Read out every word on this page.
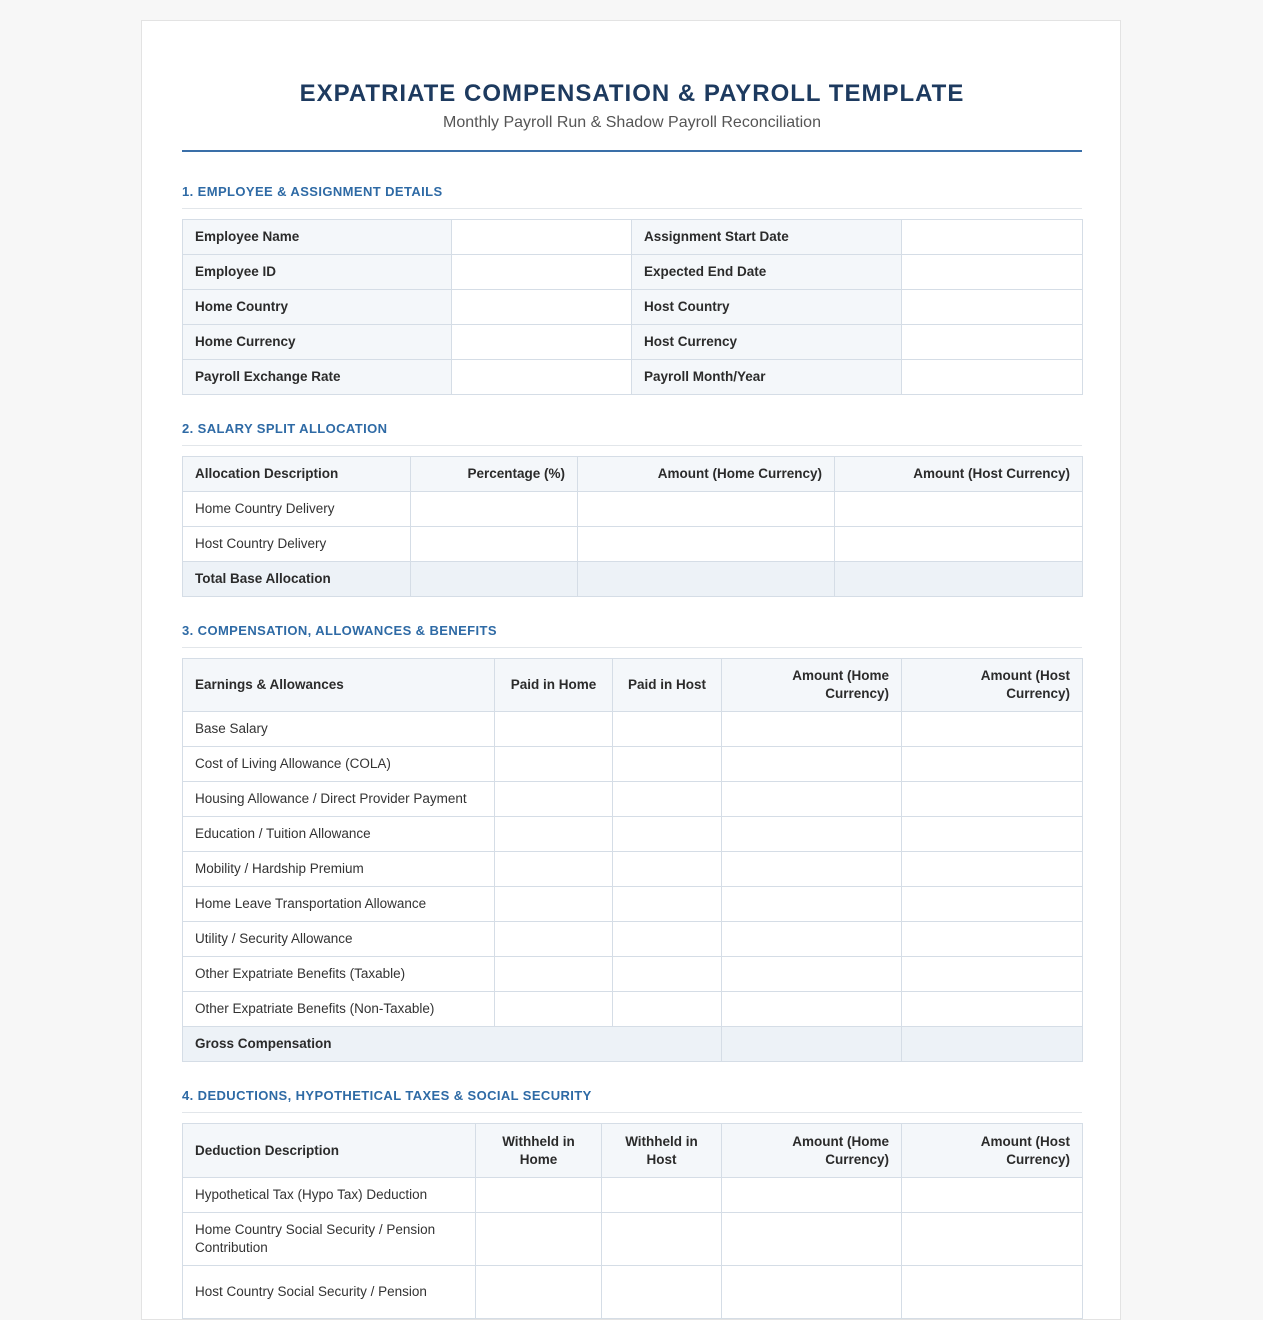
EXPATRIATE COMPENSATION & PAYROLL TEMPLATE
Monthly Payroll Run & Shadow Payroll Reconciliation
1. EMPLOYEE & ASSIGNMENT DETAILS
Employee Name		Assignment Start Date	
Employee ID		Expected End Date	
Home Country		Host Country	
Home Currency		Host Currency	
Payroll Exchange Rate		Payroll Month/Year	
2. SALARY SPLIT ALLOCATION
Allocation Description	Percentage (%)	Amount (Home Currency)	Amount (Host Currency)
Home Country Delivery			
Host Country Delivery			
Total Base Allocation			
3. COMPENSATION, ALLOWANCES & BENEFITS
Earnings & Allowances	Paid in Home	Paid in Host	Amount (Home Currency)	Amount (Host Currency)
Base Salary				
Cost of Living Allowance (COLA)				
Housing Allowance / Direct Provider Payment				
Education / Tuition Allowance				
Mobility / Hardship Premium				
Home Leave Transportation Allowance				
Utility / Security Allowance				
Other Expatriate Benefits (Taxable)				
Other Expatriate Benefits (Non-Taxable)				
Gross Compensation				
4. DEDUCTIONS, HYPOTHETICAL TAXES & SOCIAL SECURITY
Deduction Description	Withheld in Home	Withheld in Host	Amount (Home Currency)	Amount (Host Currency)
Hypothetical Tax (Hypo Tax) Deduction				
Home Country Social Security / Pension Contribution				
Host Country Social Security / Pension				
